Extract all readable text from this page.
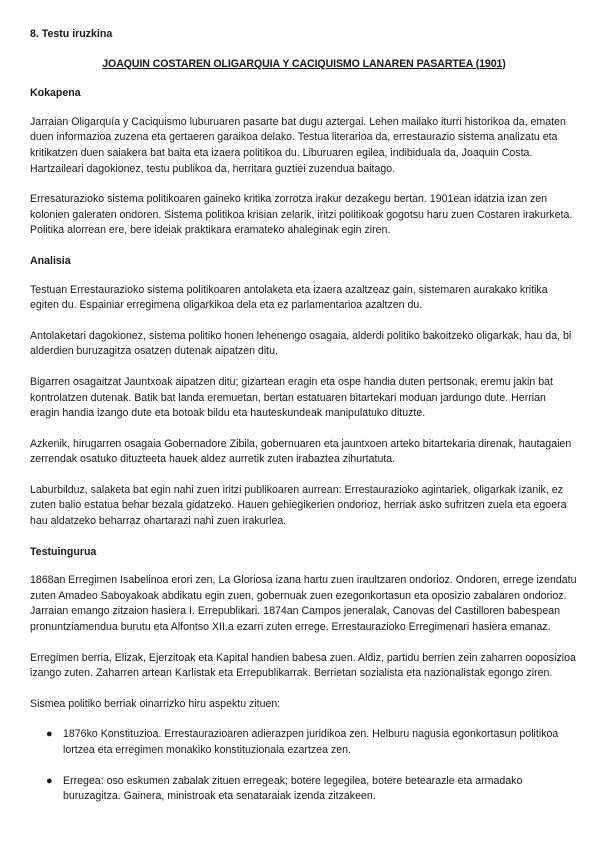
8. Testu iruzkina
JOAQUIN COSTAREN OLIGARQUIA Y CACIQUISMO LANAREN PASARTEA (1901)
Kokapena

Jarraian Oligarquía y Caciquismo luburuaren pasarte bat dugu aztergai. Lehen mailako iturri historikoa da, ematen duen informazioa zuzena eta gertaeren garaikoa delako. Testua literarioa da, errestaurazio sistema analizatu eta kritikatzen duen saiakera bat baita eta izaera politikoa du. Liburuaren egilea, indibiduala da, Joaquin Costa. Hartzaileari dagokionez, testu publikoa da, herritara guztiei zuzendua baitago.

Erresaturazioko sistema politikoaren gaineko kritika zorrotza irakur dezakegu bertan. 1901ean idatzia izan zen kolonien galeraten ondoren. Sistema politikoa krisian zelarik, iritzi politikoak gogotsu haru zuen Costaren irakurketa. Politika alorrean ere, bere ideiak praktikara eramateko ahaleginak egin ziren.

Analisia

Testuan Errestaurazioko sistema politikoaren antolaketa eta izaera azaltzeaz gain, sistemaren aurakako kritika egiten du. Espainiar erregimena oligarkikoa dela eta ez parlamentarioa azaltzen du.

Antolaketari dagokionez, sistema politiko honen lehenengo osagaia, alderdi politiko bakoitzeko oligarkak, hau da, bi alderdien buruzagitza osatzen dutenak aipatzen ditu.

Bigarren osagaitzat Jauntxoak aipatzen ditu; gizartean eragin eta ospe handia duten pertsonak, eremu jakin bat kontrolatzen dutenak. Batik bat landa eremuetan, bertan estatuaren bitartekari moduan jardungo dute. Herrian eragin handia izango dute eta botoak bildu eta hauteskundeak manipulatuko dituzte.

Azkenik, hirugarren osagaia Gobernadore Zibila, gobernuaren eta jauntxoen arteko bitartekaria direnak, hautagaien zerrendak osatuko dituzteeta hauek aldez aurretik zuten irabaztea zihurtatuta.

Laburbilduz, salaketa bat egin nahi zuen iritzi publikoaren aurrean: Errestaurazioko agintariek, oligarkak izanik, ez zuten balio estatua behar bezala gidatzeko. Hauen gehiegikerien ondorioz, herriak asko sufritzen zuela eta egoera hau aldatzeko beharraz ohartarazi nahi zuen irakurlea.

Testuingurua

1868an Erregimen Isabelinoa erori zen, La Gloriosa izana hartu zuen iraultzaren ondorioz. Ondoren, errege izendatu zuten Amadeo Saboyakoak abdikatu egin zuen, gobernuak zuen ezegonkortasun eta oposizio zabalaren ondorioz. Jarraian emango zitzaion hasiera I. Errepublikari. 1874an Campos jeneralak, Canovas del Castilloren babespean pronuntziamendua burutu eta Alfontso XII.a ezarri zuten errege. Errestaurazioko Erregimenari hasiera emanaz.

Erregimen berria, Elizak, Ejerzitoak eta Kapital handien babesa zuen. Aldiz, partidu berrien zein zaharren ooposizioa izango zuten. Zaharren artean Karlistak eta Errepublikarrak. Berrietan sozialista eta nazionalistak egongo ziren.

Sismea politiko berriak oinarrizko hiru aspektu zituen:

● 1876ko Konstituzioa. Errestaurazioaren adierazpen juridikoa zen. Helburu nagusia egonkortasun politikoa lortzea eta erregimen monakiko konstituzionala ezartzea zen.
● Erregea: oso eskumen zabalak zituen erregeak; botere legegilea, botere betearazle eta armadako buruzagitza. Gainera, ministroak eta senataraiak izenda zitzakeen.
